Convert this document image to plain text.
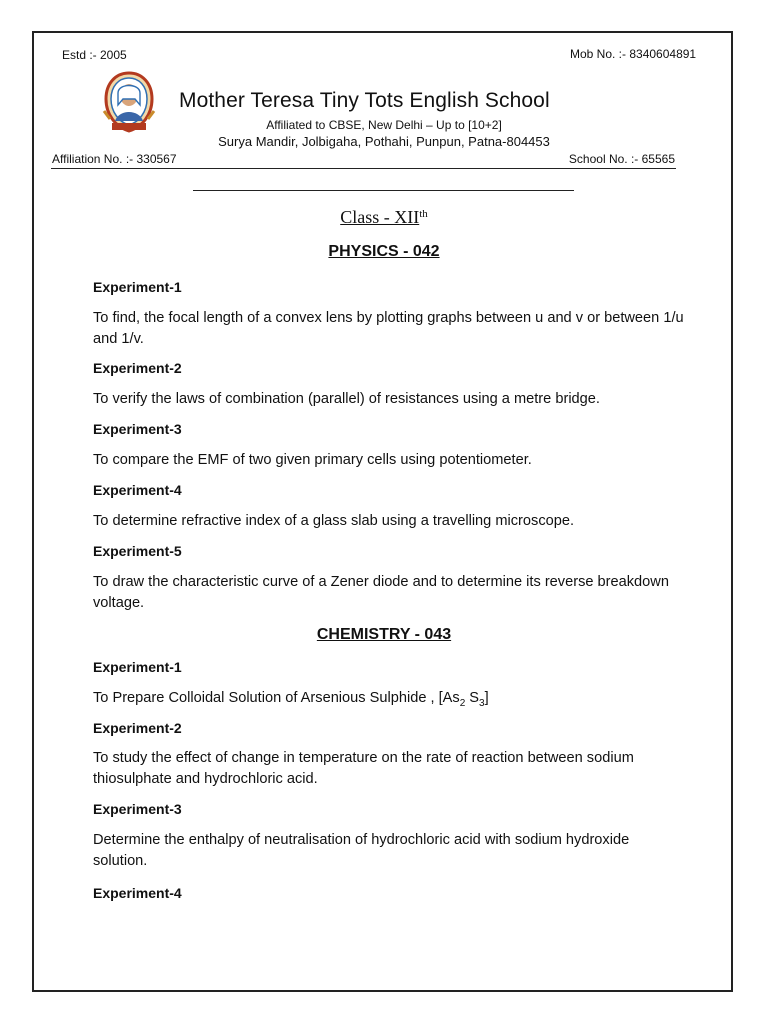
Estd :- 2005	Mob No. :- 8340604891
Mother Teresa Tiny Tots English School
Affiliated to CBSE, New Delhi – Up to [10+2]
Surya Mandir, Jolbigaha, Pothahi, Punpun, Patna-804453
Affiliation No. :- 330567	School No. :- 65565
Class - XIIth
PHYSICS - 042
Experiment-1
To find, the focal length of a convex lens by plotting graphs between u and v or between 1/u and 1/v.
Experiment-2
To verify the laws of combination (parallel) of resistances using a metre bridge.
Experiment-3
To compare the EMF of two given primary cells using potentiometer.
Experiment-4
To determine refractive index of a glass slab using a travelling microscope.
Experiment-5
To draw the characteristic curve of a Zener diode and to determine its reverse breakdown voltage.
CHEMISTRY - 043
Experiment-1
To Prepare Colloidal Solution of Arsenious Sulphide , [$As_2$ $S_3$]
Experiment-2
To study the effect of change in temperature on the rate of reaction between sodium thiosulphate and hydrochloric acid.
Experiment-3
Determine the enthalpy of neutralisation of hydrochloric acid with sodium hydroxide solution.
Experiment-4
